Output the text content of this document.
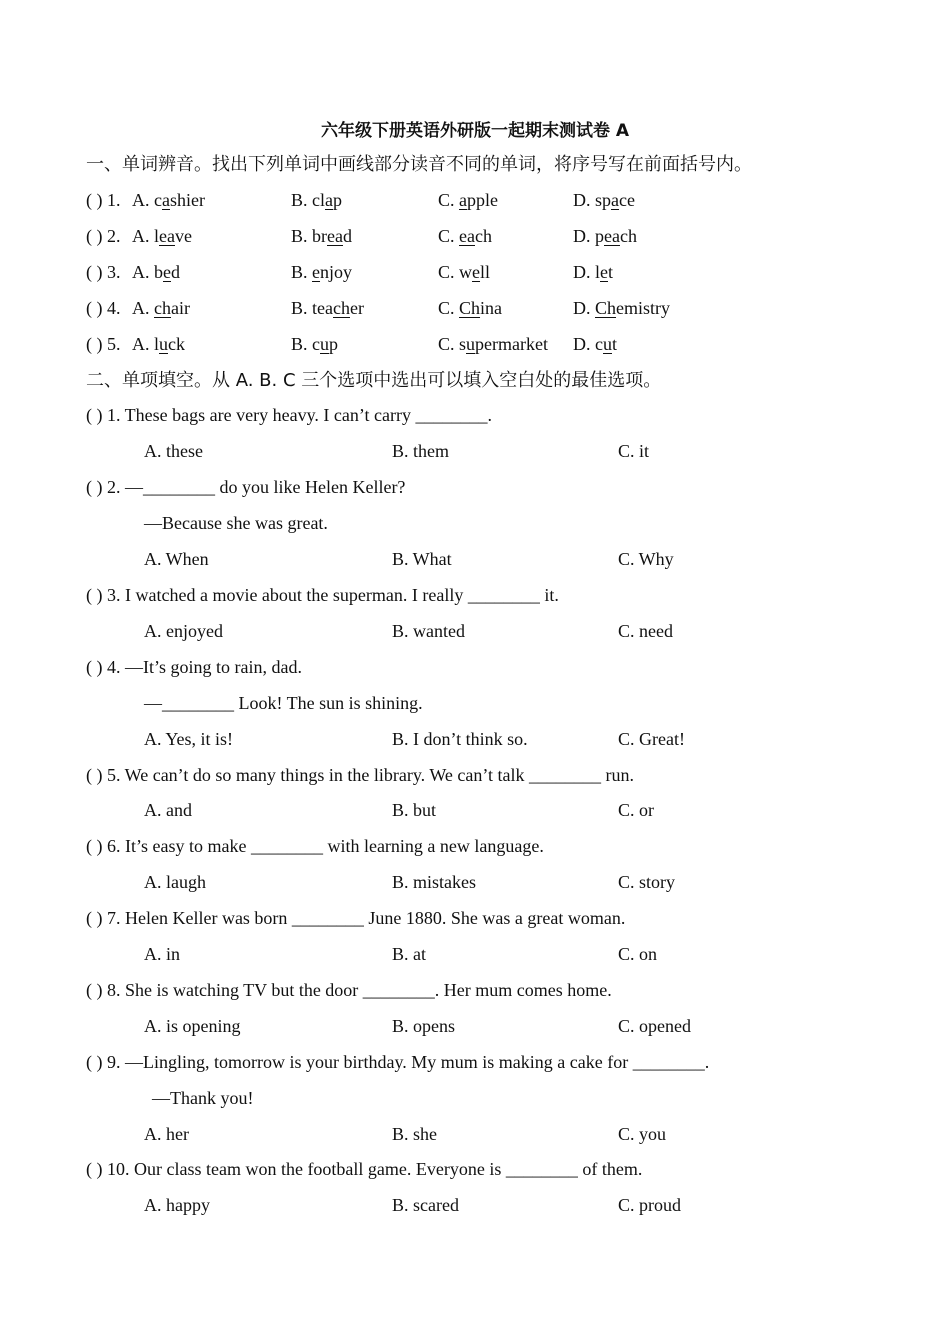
六年级下册英语外研版一起期末测试卷 A
一、单词辨音。找出下列单词中画线部分读音不同的单词，将序号写在前面括号内。
( ) 1. A. cashier	B. clap	C. apple	D. space
( ) 2. A. leave	B. bread	C. each	D. peach
( ) 3. A. bed	B. enjoy	C. well	D. let
( ) 4. A. chair	B. teacher	C. China	D. Chemistry
( ) 5. A. luck	B. cup	C. supermarket D. cut
二、单项填空。从 A. B. C 三个选项中选出可以填入空白处的最佳选项。
( ) 1. These bags are very heavy. I can’t carry ________.
A. these	B. them	C. it
( ) 2. —________ do you like Helen Keller?
—Because she was great.
A. When	B. What	C. Why
( ) 3. I watched a movie about the superman. I really ________ it.
A. enjoyed	B. wanted	C. need
( ) 4. —It’s going to rain, dad.
—________ Look! The sun is shining.
A. Yes, it is!	B. I don’t think so.	C. Great!
( ) 5. We can’t do so many things in the library. We can’t talk ________ run.
A. and	B. but	C. or
( ) 6. It’s easy to make ________ with learning a new language.
A. laugh	B. mistakes	C. story
( ) 7. Helen Keller was born ________ June 1880. She was a great woman.
A. in	B. at	C. on
( ) 8. She is watching TV but the door ________. Her mum comes home.
A. is opening	B. opens	C. opened
( ) 9. —Lingling, tomorrow is your birthday. My mum is making a cake for ________.
—Thank you!
A. her	B. she	C. you
( ) 10. Our class team won the football game. Everyone is ________ of them.
A. happy	B. scared	C. proud
